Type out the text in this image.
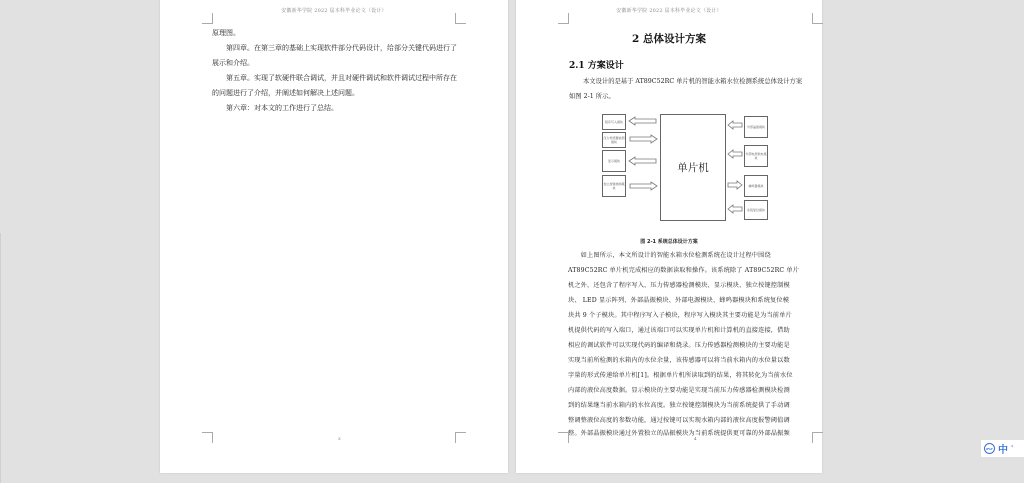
安徽新华学院 2022 届本科毕业论文（设计）
原理图。
第四章。在第三章的基础上实现软件部分代码设计，给部分关键代码进行了
展示和介绍。
第五章。实现了软硬件联合调试，并且对硬件调试和软件调试过程中所存在
的问题进行了介绍，并阐述如何解决上述问题。
第六章：对本文的工作进行了总结。
3
安徽新华学院 2022 届本科毕业论文（设计）
2 总体设计方案
2.1 方案设计
本文设计的是基于 AT89C52RC 单片机的智能水箱水位检测系统总体设计方案
如图 2-1 所示。
程序写入模块
压力传感器检测模块
显示模块
独立按键控制模块
单片机
外部晶振模块
外部电源供电模块
蜂鸣器模块
系统复位模块
图 2-1 系统总体设计方案
　　如上图所示，本文所设计的智能水箱水位检测系统在设计过程中围绕
AT89C52RC 单片机完成相应的数据读取和操作。该系统除了 AT89C52RC 单片
机之外，还包含了程序写入、压力传感器检测模块、显示模块、独立按键控制模
块、 LED 显示阵列、外部晶振模块、外部电源模块、蜂鸣器模块和系统复位模
块共 9 个子模块。其中程序写入子模块，程序写入模块其主要功能是为当前单片
机提供代码的写入端口，通过该端口可以实现单片机和计算机的直接连接，借助
相应的调试软件可以实现代码的编译和烧录。压力传感器检测模块的主要功能是
实现当前所检测的水箱内的水位余量，该传感器可以将当前水箱内的水位量以数
字量的形式传递给单片机[1]。根据单片机所读取到的结果，将其转化为当前水位
内部的液位高度数据。显示模块的主要功能是实现当前压力传感器检测模块检测
到的结果继当前水箱内的水位高度。独立按键控制模块为当前系统提供了手动调
整调整液位高度的参数功能，通过按键可以实现水箱内部的液位高度报警阈值调
整。外部晶振模块通过外置独立的晶振模块为当前系统提供更可靠的外部晶振频
4
iFLY 中 '
